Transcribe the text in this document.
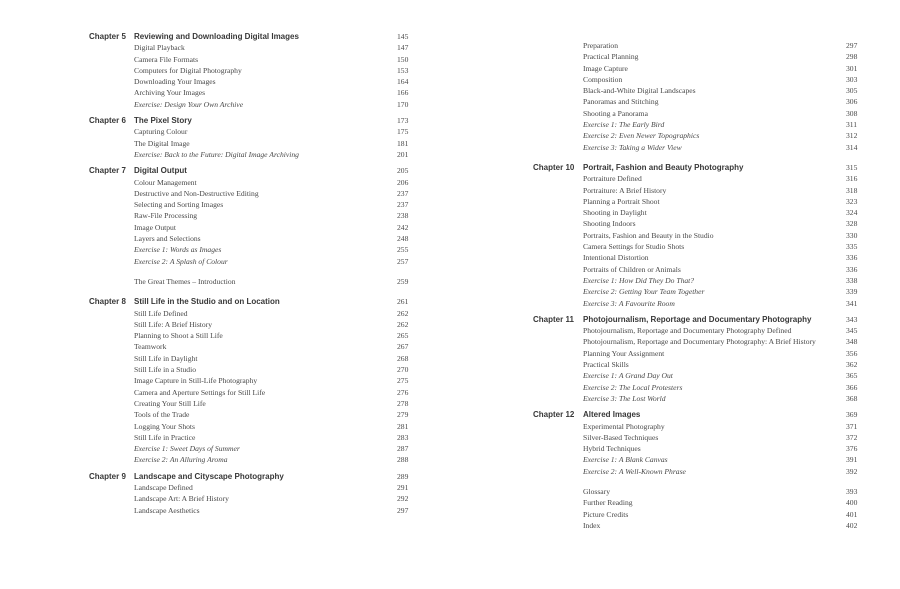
Chapter 5	Reviewing and Downloading Digital Images	145
Digital Playback	147
Camera File Formats	150
Computers for Digital Photography	153
Downloading Your Images	164
Archiving Your Images	166
Exercise: Design Your Own Archive	170
Chapter 6	The Pixel Story	173
Capturing Colour	175
The Digital Image	181
Exercise: Back to the Future: Digital Image Archiving	201
Chapter 7	Digital Output	205
Colour Management	206
Destructive and Non-Destructive Editing	237
Selecting and Sorting Images	237
Raw-File Processing	238
Image Output	242
Layers and Selections	248
Exercise 1: Words as Images	255
Exercise 2: A Splash of Colour	257
The Great Themes – Introduction	259
Chapter 8	Still Life in the Studio and on Location	261
Still Life Defined	262
Still Life: A Brief History	262
Planning to Shoot a Still Life	265
Teamwork	267
Still Life in Daylight	268
Still Life in a Studio	270
Image Capture in Still-Life Photography	275
Camera and Aperture Settings for Still Life	276
Creating Your Still Life	278
Tools of the Trade	279
Logging Your Shots	281
Still Life in Practice	283
Exercise 1: Sweet Days of Summer	287
Exercise 2: An Alluring Aroma	288
Chapter 9	Landscape and Cityscape Photography	289
Landscape Defined	291
Landscape Art: A Brief History	292
Landscape Aesthetics	297
Preparation	297
Practical Planning	298
Image Capture	301
Composition	303
Black-and-White Digital Landscapes	305
Panoramas and Stitching	306
Shooting a Panorama	308
Exercise 1: The Early Bird	311
Exercise 2: Even Newer Topographics	312
Exercise 3: Taking a Wider View	314
Chapter 10	Portrait, Fashion and Beauty Photography	315
Portraiture Defined	316
Portraiture: A Brief History	318
Planning a Portrait Shoot	323
Shooting in Daylight	324
Shooting Indoors	328
Portraits, Fashion and Beauty in the Studio	330
Camera Settings for Studio Shots	335
Intentional Distortion	336
Portraits of Children or Animals	336
Exercise 1: How Did They Do That?	338
Exercise 2: Getting Your Team Together	339
Exercise 3: A Favourite Room	341
Chapter 11	Photojournalism, Reportage and Documentary Photography	343
Photojournalism, Reportage and Documentary Photography Defined	345
Photojournalism, Reportage and Documentary Photography: A Brief History	348
Planning Your Assignment	356
Practical Skills	362
Exercise 1: A Grand Day Out	365
Exercise 2: The Local Protesters	366
Exercise 3: The Lost World	368
Chapter 12	Altered Images	369
Experimental Photography	371
Silver-Based Techniques	372
Hybrid Techniques	376
Exercise 1: A Blank Canvas	391
Exercise 2: A Well-Known Phrase	392
Glossary	393
Further Reading	400
Picture Credits	401
Index	402
